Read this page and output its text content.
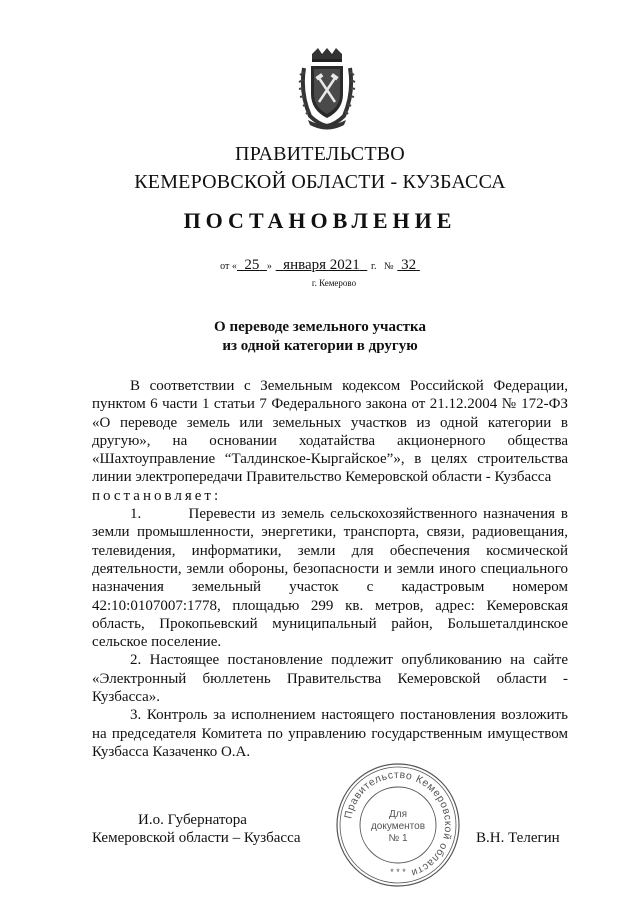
ПРАВИТЕЛЬСТВО
КЕМЕРОВСКОЙ ОБЛАСТИ - КУЗБАССА
ПОСТАНОВЛЕНИЕ
от « 25 » января 2021 г. № 32
г. Кемерово
О переводе земельного участка
из одной категории в другую

В соответствии с Земельным кодексом Российской Федерации, пунктом 6 части 1 статьи 7 Федерального закона от 21.12.2004 № 172-ФЗ «О переводе земель или земельных участков из одной категории в другую», на основании ходатайства акционерного общества «Шахтоуправление “Талдинское-Кыргайское”», в целях строительства линии электропередачи Правительство Кемеровской области - Кузбасса

постановляет:

1.	Перевести из земель сельскохозяйственного назначения в земли промышленности, энергетики, транспорта, связи, радиовещания, телевидения, информатики, земли для обеспечения космической деятельности, земли обороны, безопасности и земли иного специального назначения земельный участок с кадастровым номером 42:10:0107007:1778, площадью 299 кв. метров, адрес: Кемеровская область, Прокопьевский муниципальный район, Большеталдинское сельское поселение.

2. Настоящее постановление подлежит опубликованию на сайте «Электронный бюллетень Правительства Кемеровской области - Кузбасса».

3. Контроль за исполнением настоящего постановления возложить на председателя Комитета по управлению государственным имуществом Кузбасса Казаченко О.А.

И.о. Губернатора
Кемеровской области – Кузбасса	В.Н. Телегин
Правительство Кемеровской области
* * *
Для
документов
№ 1
